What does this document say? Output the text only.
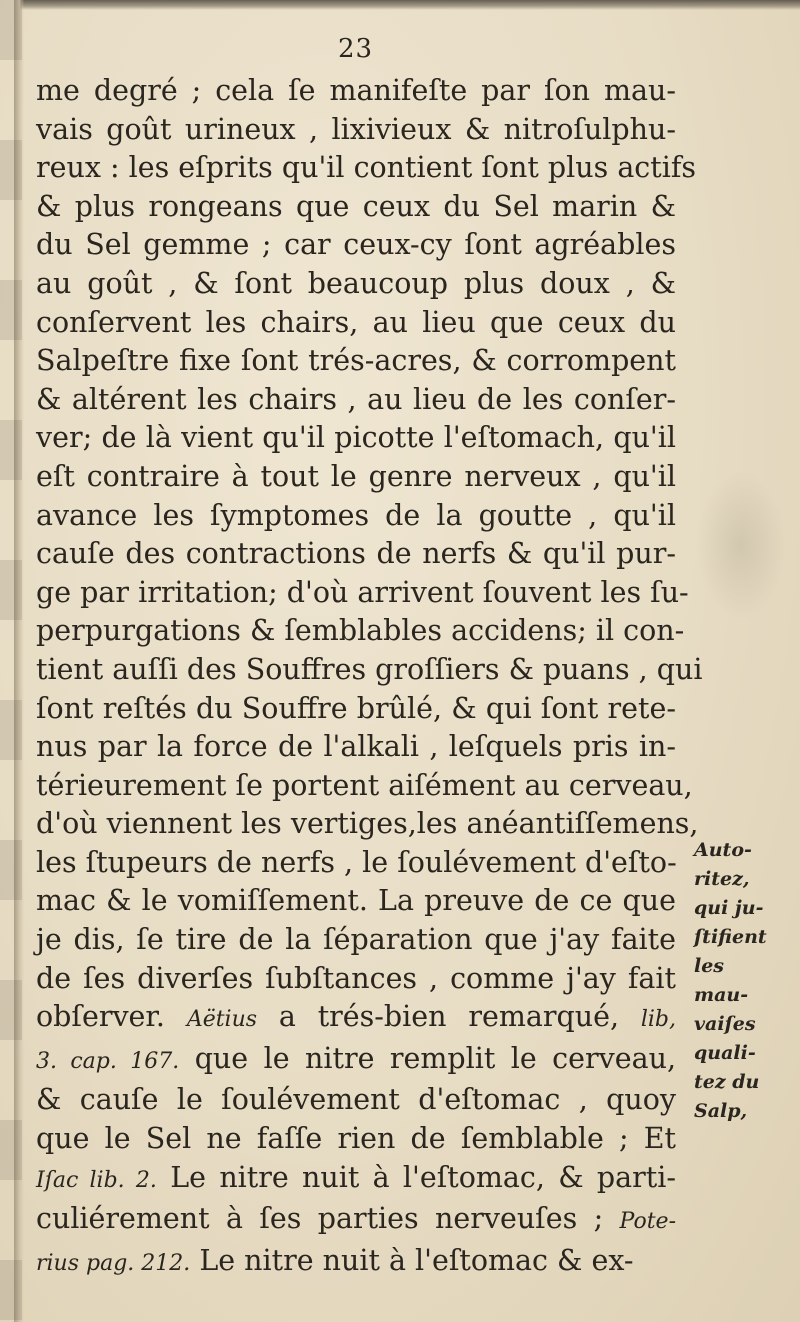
23
me degré ; cela ſe manifeſte par ſon mau-
vais goût urineux , lixivieux & nitroſulphu-
reux : les eſprits qu'il contient ſont plus actifs
& plus rongeans que ceux du Sel marin &
du Sel gemme ; car ceux-cy ſont agréables
au goût , & ſont beaucoup plus doux , &
conſervent les chairs, au lieu que ceux du
Salpeſtre fixe ſont trés-acres, & corrompent
& altérent les chairs , au lieu de les conſer-
ver; de là vient qu'il picotte l'eſtomach, qu'il
eſt contraire à tout le genre nerveux , qu'il
avance les ſymptomes de la goutte , qu'il
cauſe des contractions de nerfs & qu'il pur-
ge par irritation; d'où arrivent ſouvent les ſu-
perpurgations & ſemblables accidens; il con-
tient auſſi des Souffres groſſiers & puans , qui
ſont reſtés du Souffre brûlé, & qui ſont rete-
nus par la force de l'alkali , leſquels pris in-
térieurement ſe portent aiſément au cerveau,
d'où viennent les vertiges,les anéantiſſemens,
les ſtupeurs de nerfs , le ſoulévement d'eſto-
mac & le vomiſſement. La preuve de ce que
je dis, ſe tire de la ſéparation que j'ay faite
de ſes diverſes ſubſtances , comme j'ay fait
obſerver. Aëtius a trés-bien remarqué, lib,
3. cap. 167. que le nitre remplit le cerveau,
& cauſe le ſoulévement d'eſtomac , quoy
que le Sel ne faſſe rien de ſemblable ; Et
Iſac lib. 2. Le nitre nuit à l'eſtomac, & parti-
culiérement à ſes parties nerveuſes ; Pote-
rius pag. 212. Le nitre nuit à l'eſtomac & ex-
Auto-
ritez,
qui ju-
ſtifient
les
mau-
vaiſes
quali-
tez du
Salp,
